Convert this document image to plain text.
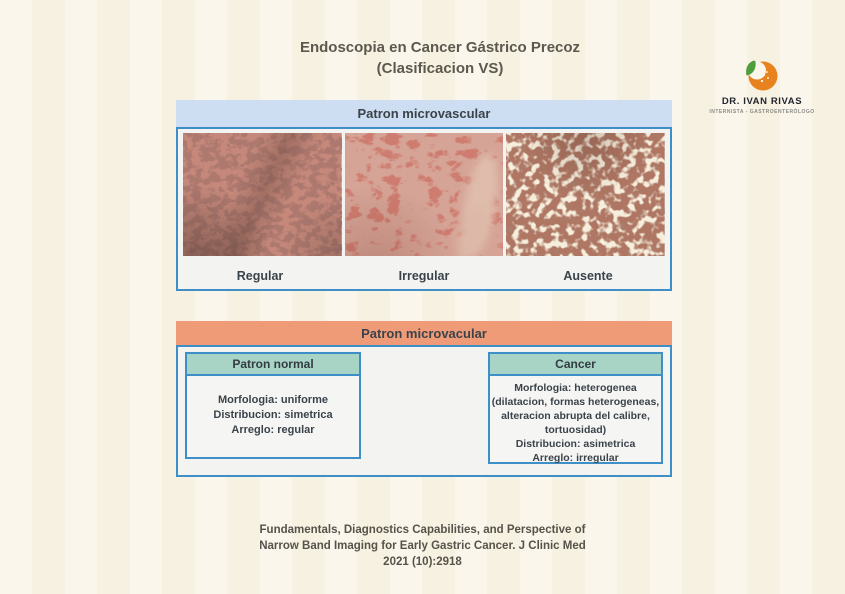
Endoscopia en Cancer Gástrico Precoz
(Clasificacion VS)
DR. IVAN RIVAS
INTERNISTA - GASTROENTERÓLOGO
Patron microvascular
Regular	Irregular	Ausente
Patron microvacular
Patron normal
Morfologia: uniforme
Distribucion: simetrica
Arreglo: regular
Cancer
Morfologia: heterogenea
(dilatacion, formas heterogeneas,
alteracion abrupta del calibre,
tortuosidad)
Distribucion: asimetrica
Arreglo: irregular
Fundamentals, Diagnostics Capabilities, and Perspective of
Narrow Band Imaging for Early Gastric Cancer. J Clinic Med
2021 (10):2918
